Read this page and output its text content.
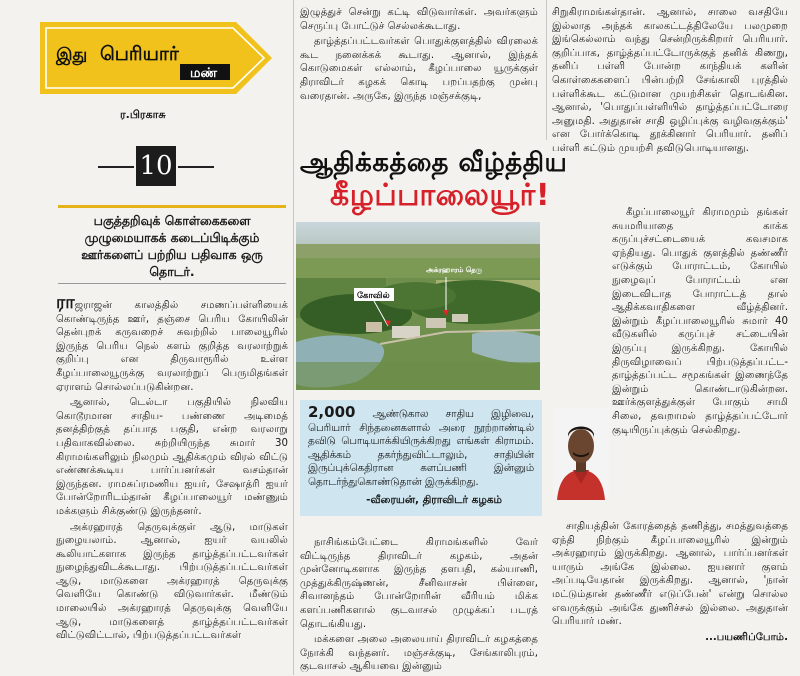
இது பெரியார்
மண்
ர.பிரகாசு
10
பகுத்தறிவுக் கொள்கைகளை முழுமையாகக் கடைப்பிடிக்கும் ஊர்களைப் பற்றிய பதிவாக ஒரு தொடர்.

ராஜராஜன் காலத்தில் சமணப்பள்ளியைக் கொண்டிருந்த ஊர், தஞ்சை பெரிய கோயிலின் தென்புறக் கருவறைச் சுவற்றில் பாலையூரில் இருந்த பெரிய நெல் களம் குறித்த வரலாற்றுக் குறிப்பு என திருவாரூரில் உள்ள கீழப்பாலையூருக்கு வரலாற்றுப் பெருமிதங்கள் ஏராளம் சொல்லப்படுகின்றன.

ஆனால், டெல்டா பகுதியில் நிலவிய கொடூரமான சாதிய- பண்ணை அடிமைத் தனத்திற்குத் தப்பாத பகுதி, என்ற வரலாறு பதிவாகவில்லை. சுற்றியிருந்த சுமார் 30 கிராமங்களிலும் நிலமும் ஆதிக்கமும் விரல் விட்டு எண்ணக்கூடிய பார்ப்பனர்கள் வசம்தான் இருந்தன. ராமசுப்ரமணிய ஐயர், சேஷாத்ரி ஐயர் போன்றோரிடம்தான் கீழப்பாலையூர் மண்ணும் மக்களும் சிக்குண்டு இருந்தனர்.

அக்ரஹாரத் தெருவுக்குள் ஆடு, மாடுகள் நுழையலாம். ஆனால், ஐயர் வயலில் கூலியாட்களாக இருந்த தாழ்த்தப்பட்டவர்கள் நுழைந்துவிடக்கூடாது. பிற்படுத்தப்பட்டவர்கள் ஆடு, மாடுகளை அக்ரஹாரத் தெருவுக்கு வெளியே கொண்டு விடுவார்கள். மீண்டும் மாலையில் அக்ரஹாரத் தெருவுக்கு வெளியே ஆடு, மாடுகளைத் தாழ்த்தப்பட்டவர்கள் விட்டுவிட்டால், பிற்படுத்தப்பட்டவர்கள்

இழுத்துச் சென்று கட்டி விடுவார்கள். அவர்களும் செருப்பு போட்டுச் செல்லக்கூடாது.

தாழ்த்தப்பட்டவர்கள் பொதுக்குளத்தில் விரலைக் கூட நனைக்கக் கூடாது. ஆனால், இந்தக் கொடுமைகள் எல்லாம், கீழப்பாலை யூருக்குள் திராவிடர் கழகக் கொடி பறப்பதற்கு முன்பு வரைதான். அருகே, இருந்த மஞ்சக்குடி,

ஆதிக்கத்தை வீழ்த்திய
கீழப்பாலையூர்!
கோவில்
அக்ரஹாரம் தெரு
2,000 ஆண்டுகால சாதிய இழிவை, பெரியார் சிந்தனைகளால் அரை நூற்றாண்டில் தவிடு பொடியாக்கியிருக்கிறது எங்கள் கிராமம். ஆதிக்கம் தகர்ந்துவிட்டாலும், சாதியின் இருப்புக்கெதிரான களப்பணி இன்னும் தொடர்ந்துகொண்டுதான் இருக்கிறது.
-வீரையன், திராவிடர் கழகம்

நாசிங்கம்பேட்டை கிராமங்களில் வேர் விட்டிருந்த திராவிடர் கழகம், அதன் முன்னோடிகளாக இருந்த தளபதி, கல்யாணி, முத்துக்கிருஷ்ணன், சீனிவாசன் பிள்ளை, சிவானந்தம் போன்றோரின் வீரியம் மிக்க களப்பணிகளால் குடவாசல் முழுக்கப் படரத் தொடங்கியது.

மக்களை அலை அலையாய் திராவிடர் கழகத்தை நோக்கி வந்தனர். மஞ்சக்குடி, சேங்காலிபுரம், குடவாசல் ஆகியவை இன்னும்

சிறுகிராமங்கள்தான். ஆனால், சாலை வசதியே இல்லாத அந்தக் காலகட்டத்திலேயே பலமுறை இங்கெல்லாம் வந்து சென்றிருக்கிறார் பெரியார். குறிப்பாக, தாழ்த்தப்பட்டோருக்குத் தனிக் கிணறு, தனிப் பள்ளி போன்ற காந்தியக் களின் கொள்கைகளைப் பின்பற்றி சேங்காலி புரத்தில் பள்ளிக்கூட கட்டுமான முயற்சிகள் தொடங்கின. ஆனால், 'பொதுப்பள்ளியில் தாழ்த்தப்பட்டோரை அனுமதி. அதுதான் சாதி ஒழிப்புக்கு வழிவகுக்கும்' என போர்க்கொடி தூக்கினார் பெரியார். தனிப் பள்ளி கட்டும் முயற்சி தவிடுபொடியானது.

கீழப்பாலையூர் கிராமமும் தங்கள் சுயமரியாதை காக்க கருப்புச்சட்டையைக் கவசமாக ஏந்தியது. பொதுக் குளத்தில் தண்ணீர் எடுக்கும் போராட்டம், கோயில் நுழைவுப் போராட்டம் என இடைவிடாத போராட்டத் தால் ஆதிக்கவாதிகளை வீழ்த்தினர். இன்றும் கீழப்பாலையூரில் சுமார் 40 வீடுகளில் கருப்புச் சட்டையின் இருப்பு இருக்கிறது. கோயில் திருவிழாவைப் பிற்படுத்தப்பட்ட-தாழ்த்தப்பட்ட சமூகங்கள் இணைந்தே இன்றும் கொண்டாடுகின்றன. ஊர்க்குளத்துக்குள் போகும் சாமி சிலை, தவறாமல் தாழ்த்தப்பட்டோர் குடியிருப்புக்கும் செல்கிறது.

சாதியத்தின் கோரத்தைத் தணித்து, சமத்துவத்தை ஏந்தி நிற்கும் கீழப்பாலையூரில் இன்றும் அக்ரஹாரம் இருக்கிறது. ஆனால், பார்ப்பனர்கள் யாரும் அங்கே இல்லை. ஐயனார் குளம் அப்படியேதான் இருக்கிறது. ஆனால், 'நான் மட்டும்தான் தண்ணீர் எடுப்பேன்' என்று சொல்ல எவருக்கும் அங்கே துணிச்சல் இல்லை. அதுதான் பெரியார் மண்.

...பயணிப்போம்.
